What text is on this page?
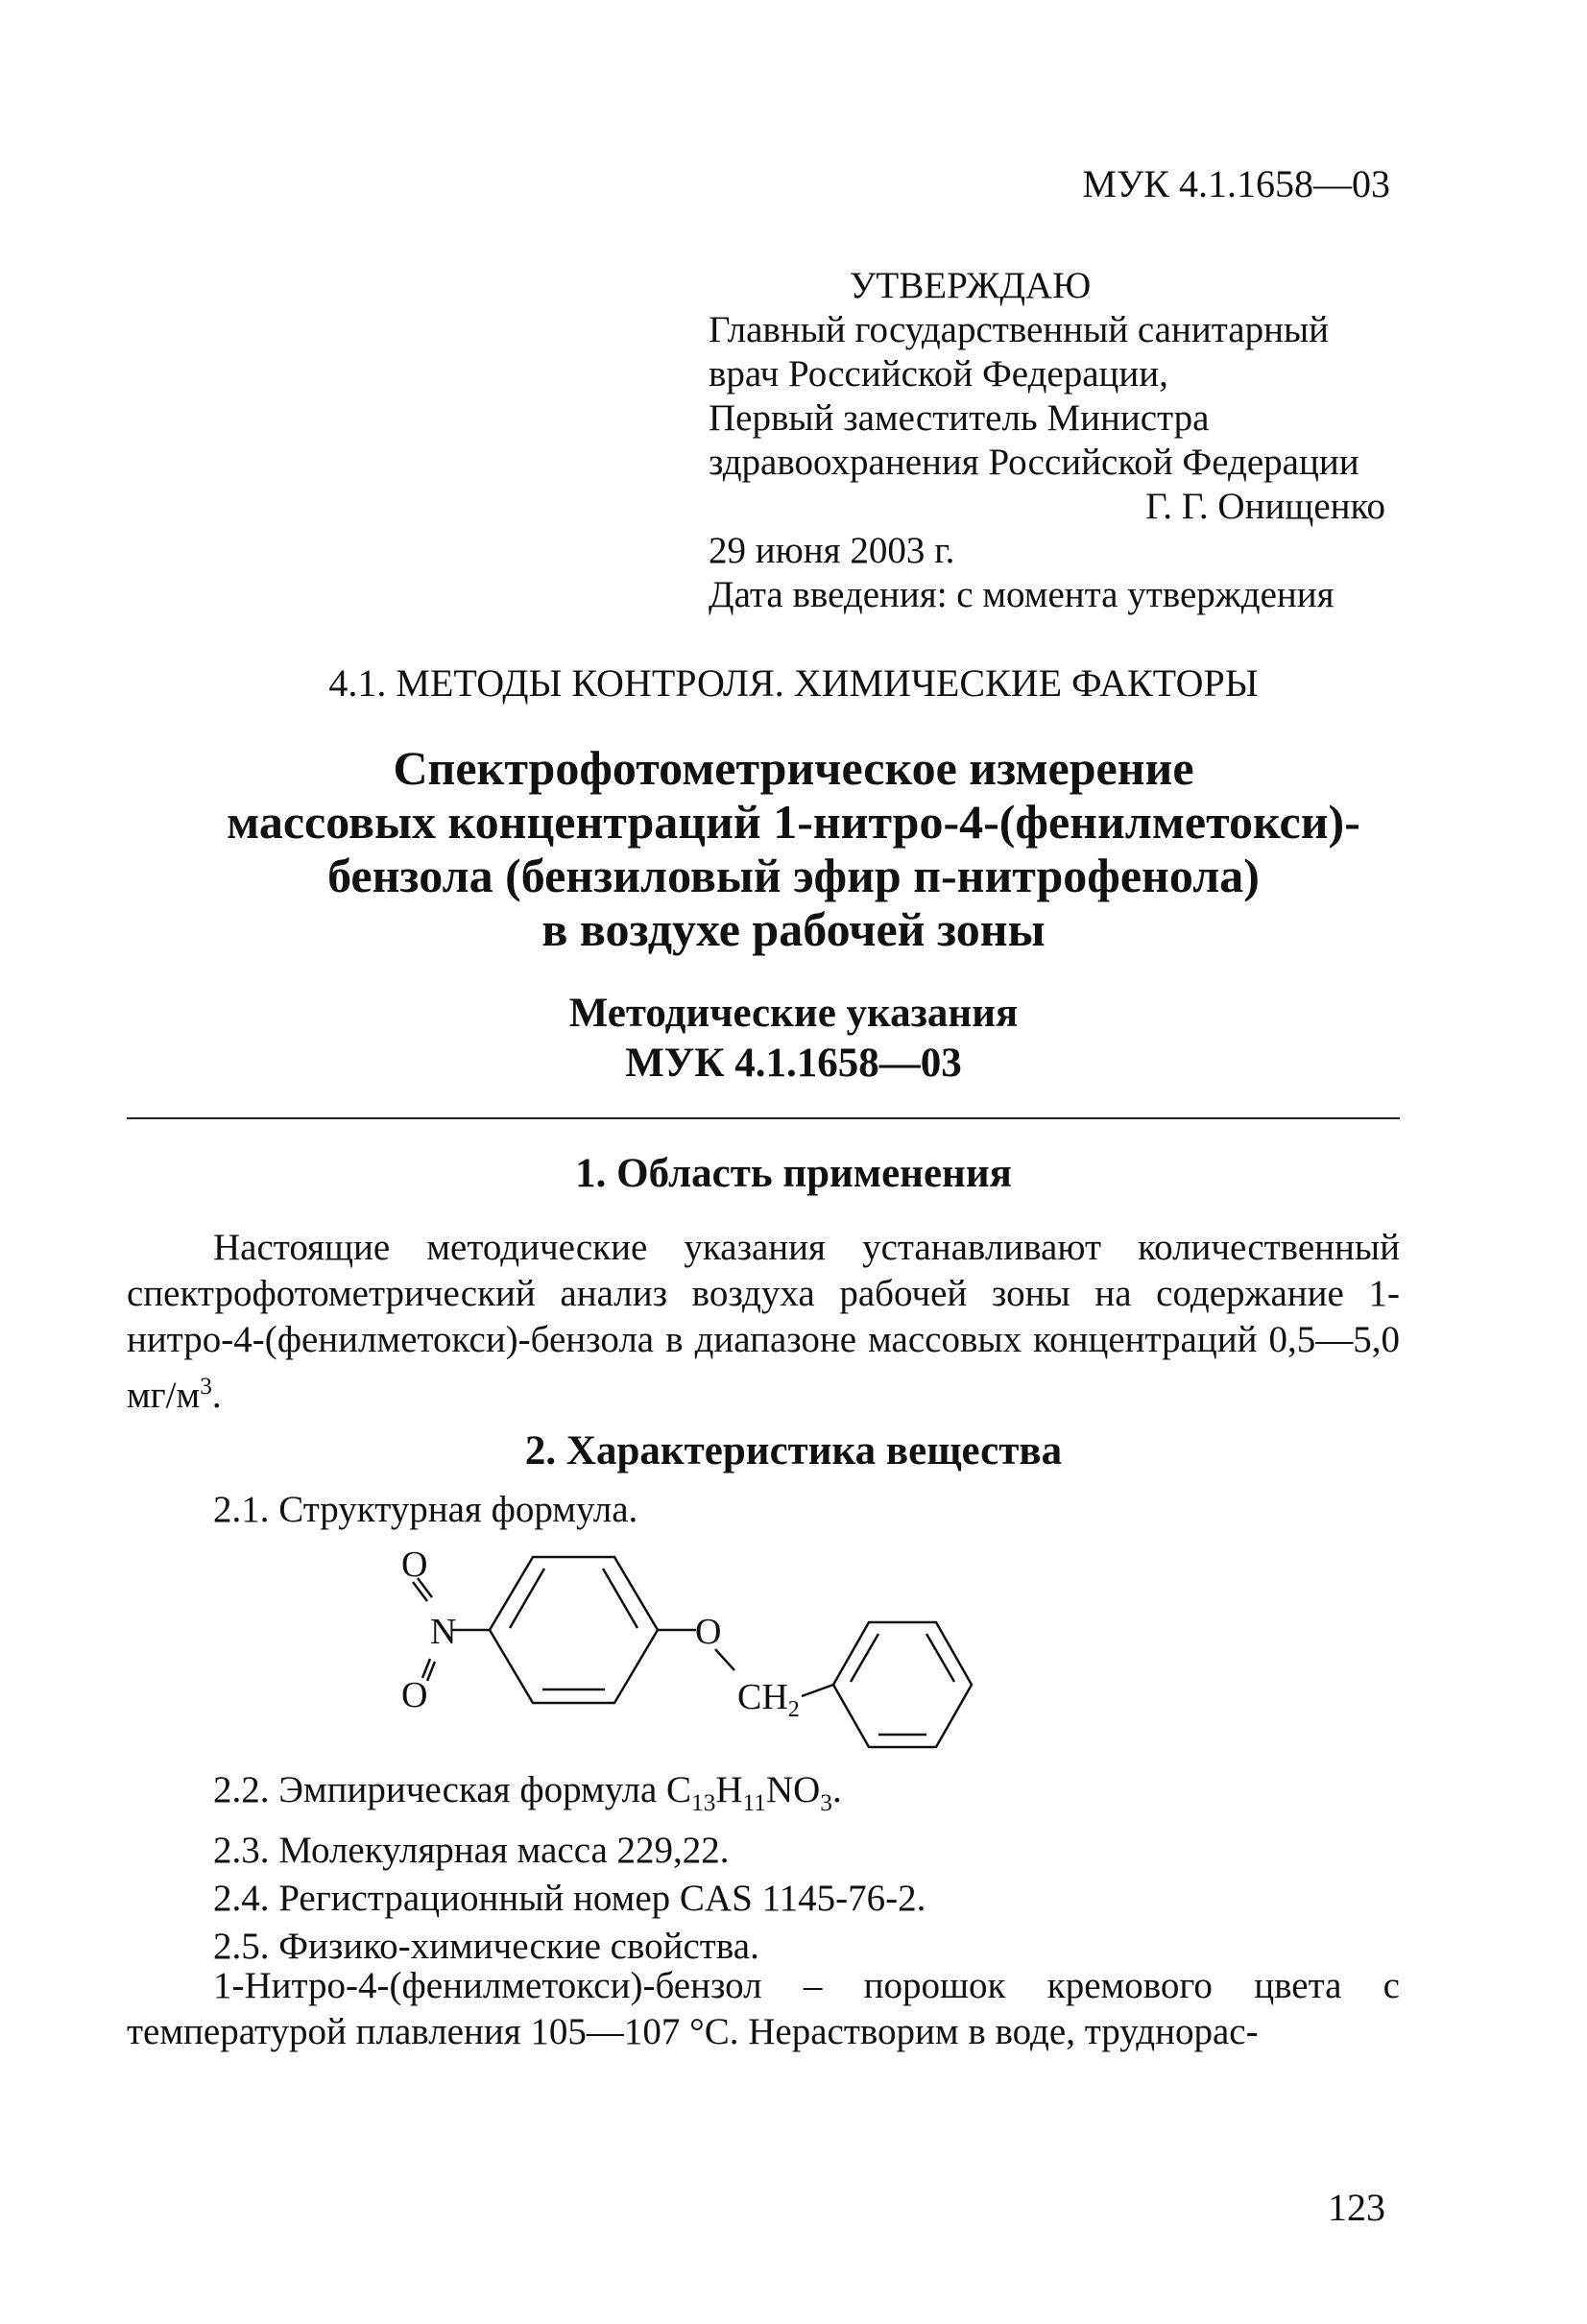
МУК 4.1.1658—03
УТВЕРЖДАЮ
Главный государственный санитарный
врач Российской Федерации,
Первый заместитель Министра
здравоохранения Российской Федерации
Г. Г. Онищенко
29 июня 2003 г.
Дата введения: с момента утверждения
4.1. МЕТОДЫ КОНТРОЛЯ. ХИМИЧЕСКИЕ ФАКТОРЫ
Спектрофотометрическое измерение
массовых концентраций 1-нитро-4-(фенилметокси)-
бензола (бензиловый эфир п-нитрофенола)
в воздухе рабочей зоны
Методические указания
МУК 4.1.1658—03
1. Область применения
Настоящие методические указания устанавливают количественный спектрофотометрический анализ воздуха рабочей зоны на содержание 1-нитро-4-(фенилметокси)-бензола в диапазоне массовых концентраций 0,5—5,0 $мг/м^3$.
2. Характеристика вещества
2.1. Структурная формула.
O
N
O
O
$CH_2$
2.2. Эмпирическая формула $C_{13}H_{11}NO_3$.
2.3. Молекулярная масса 229,22.
2.4. Регистрационный номер CAS 1145-76-2.
2.5. Физико-химические свойства.
1-Нитро-4-(фенилметокси)-бензол – порошок кремового цвета с температурой плавления 105—107 °С. Нерастворим в воде, труднорас-
123
